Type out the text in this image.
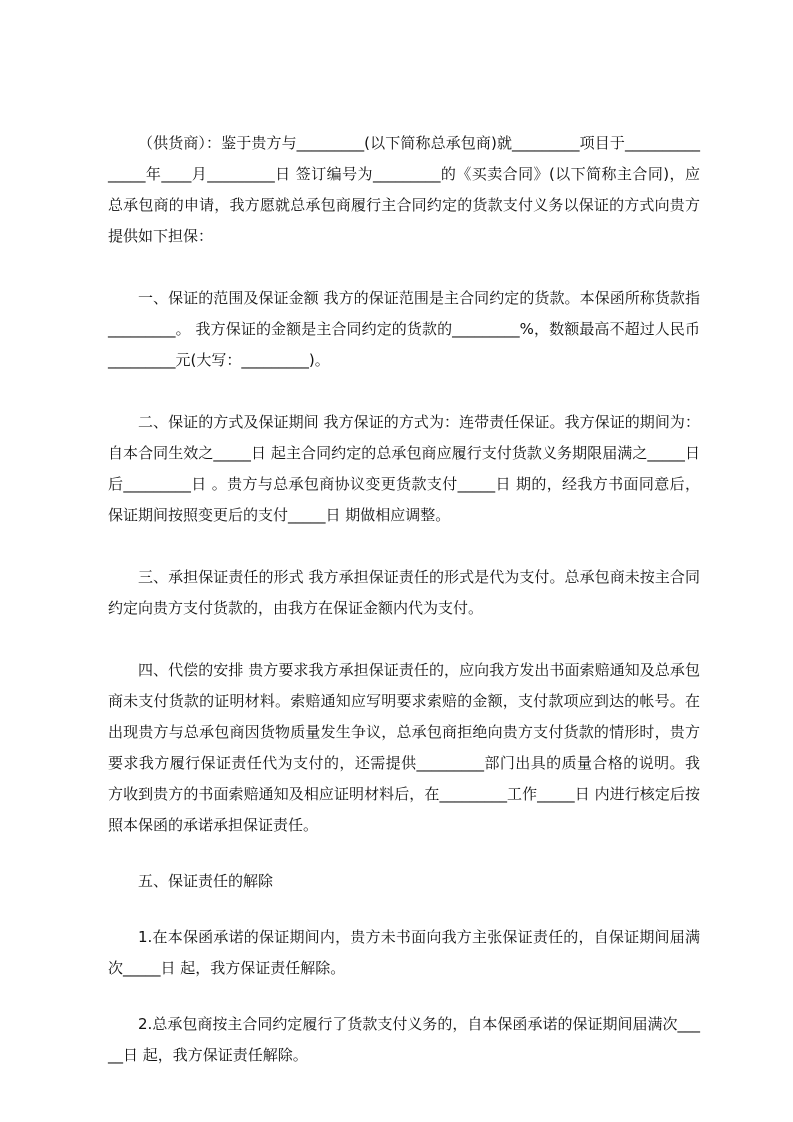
（供货商）：鉴于贵方与_________(以下简称总承包商)就_________项目于_______________年____月_________日 签订编号为_________的《买卖合同》(以下简称主合同)，应总承包商的申请，我方愿就总承包商履行主合同约定的货款支付义务以保证的方式向贵方提供如下担保：

一、保证的范围及保证金额 我方的保证范围是主合同约定的货款。本保函所称货款指_________。 我方保证的金额是主合同约定的货款的_________%，数额最高不超过人民币_________元(大写：_________)。

二、保证的方式及保证期间 我方保证的方式为：连带责任保证。我方保证的期间为：自本合同生效之_____日 起主合同约定的总承包商应履行支付货款义务期限届满之_____日 后_________日 。贵方与总承包商协议变更货款支付_____日 期的，经我方书面同意后，保证期间按照变更后的支付_____日 期做相应调整。

三、承担保证责任的形式 我方承担保证责任的形式是代为支付。总承包商未按主合同约定向贵方支付货款的，由我方在保证金额内代为支付。

四、代偿的安排 贵方要求我方承担保证责任的，应向我方发出书面索赔通知及总承包商未支付货款的证明材料。索赔通知应写明要求索赔的金额，支付款项应到达的帐号。在出现贵方与总承包商因货物质量发生争议，总承包商拒绝向贵方支付货款的情形时，贵方要求我方履行保证责任代为支付的，还需提供_________部门出具的质量合格的说明。我方收到贵方的书面索赔通知及相应证明材料后，在_________工作_____日 内进行核定后按照本保函的承诺承担保证责任。

五、保证责任的解除

1.在本保函承诺的保证期间内，贵方未书面向我方主张保证责任的，自保证期间届满次_____日 起，我方保证责任解除。

2.总承包商按主合同约定履行了货款支付义务的，自本保函承诺的保证期间届满次_____日 起，我方保证责任解除。
